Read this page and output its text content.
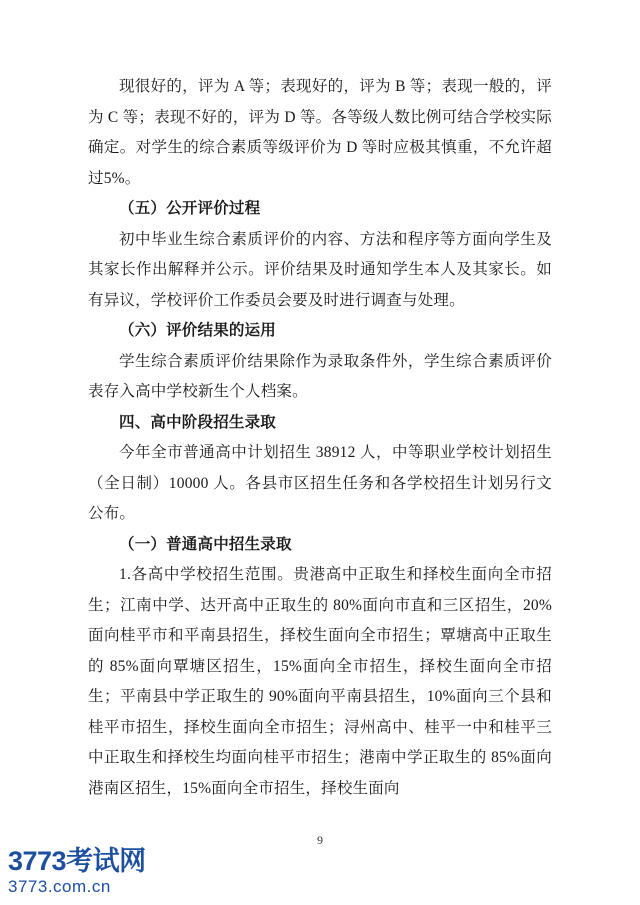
现很好的，评为 A 等；表现好的，评为 B 等；表现一般的，评为 C 等；表现不好的，评为 D 等。各等级人数比例可结合学校实际确定。对学生的综合素质等级评价为 D 等时应极其慎重，不允许超过5%。

（五）公开评价过程

初中毕业生综合素质评价的内容、方法和程序等方面向学生及其家长作出解释并公示。评价结果及时通知学生本人及其家长。如有异议，学校评价工作委员会要及时进行调查与处理。

（六）评价结果的运用

学生综合素质评价结果除作为录取条件外，学生综合素质评价表存入高中学校新生个人档案。

四、高中阶段招生录取

今年全市普通高中计划招生 38912 人，中等职业学校计划招生（全日制）10000 人。各县市区招生任务和各学校招生计划另行文公布。

（一）普通高中招生录取

1.各高中学校招生范围。贵港高中正取生和择校生面向全市招生；江南中学、达开高中正取生的 80%面向市直和三区招生，20%面向桂平市和平南县招生，择校生面向全市招生；覃塘高中正取生的 85%面向覃塘区招生，15%面向全市招生，择校生面向全市招生；平南县中学正取生的 90%面向平南县招生，10%面向三个县和桂平市招生，择校生面向全市招生；浔州高中、桂平一中和桂平三中正取生和择校生均面向桂平市招生；港南中学正取生的 85%面向港南区招生，15%面向全市招生，择校生面向

9
3773考试网
3773.com.cn
